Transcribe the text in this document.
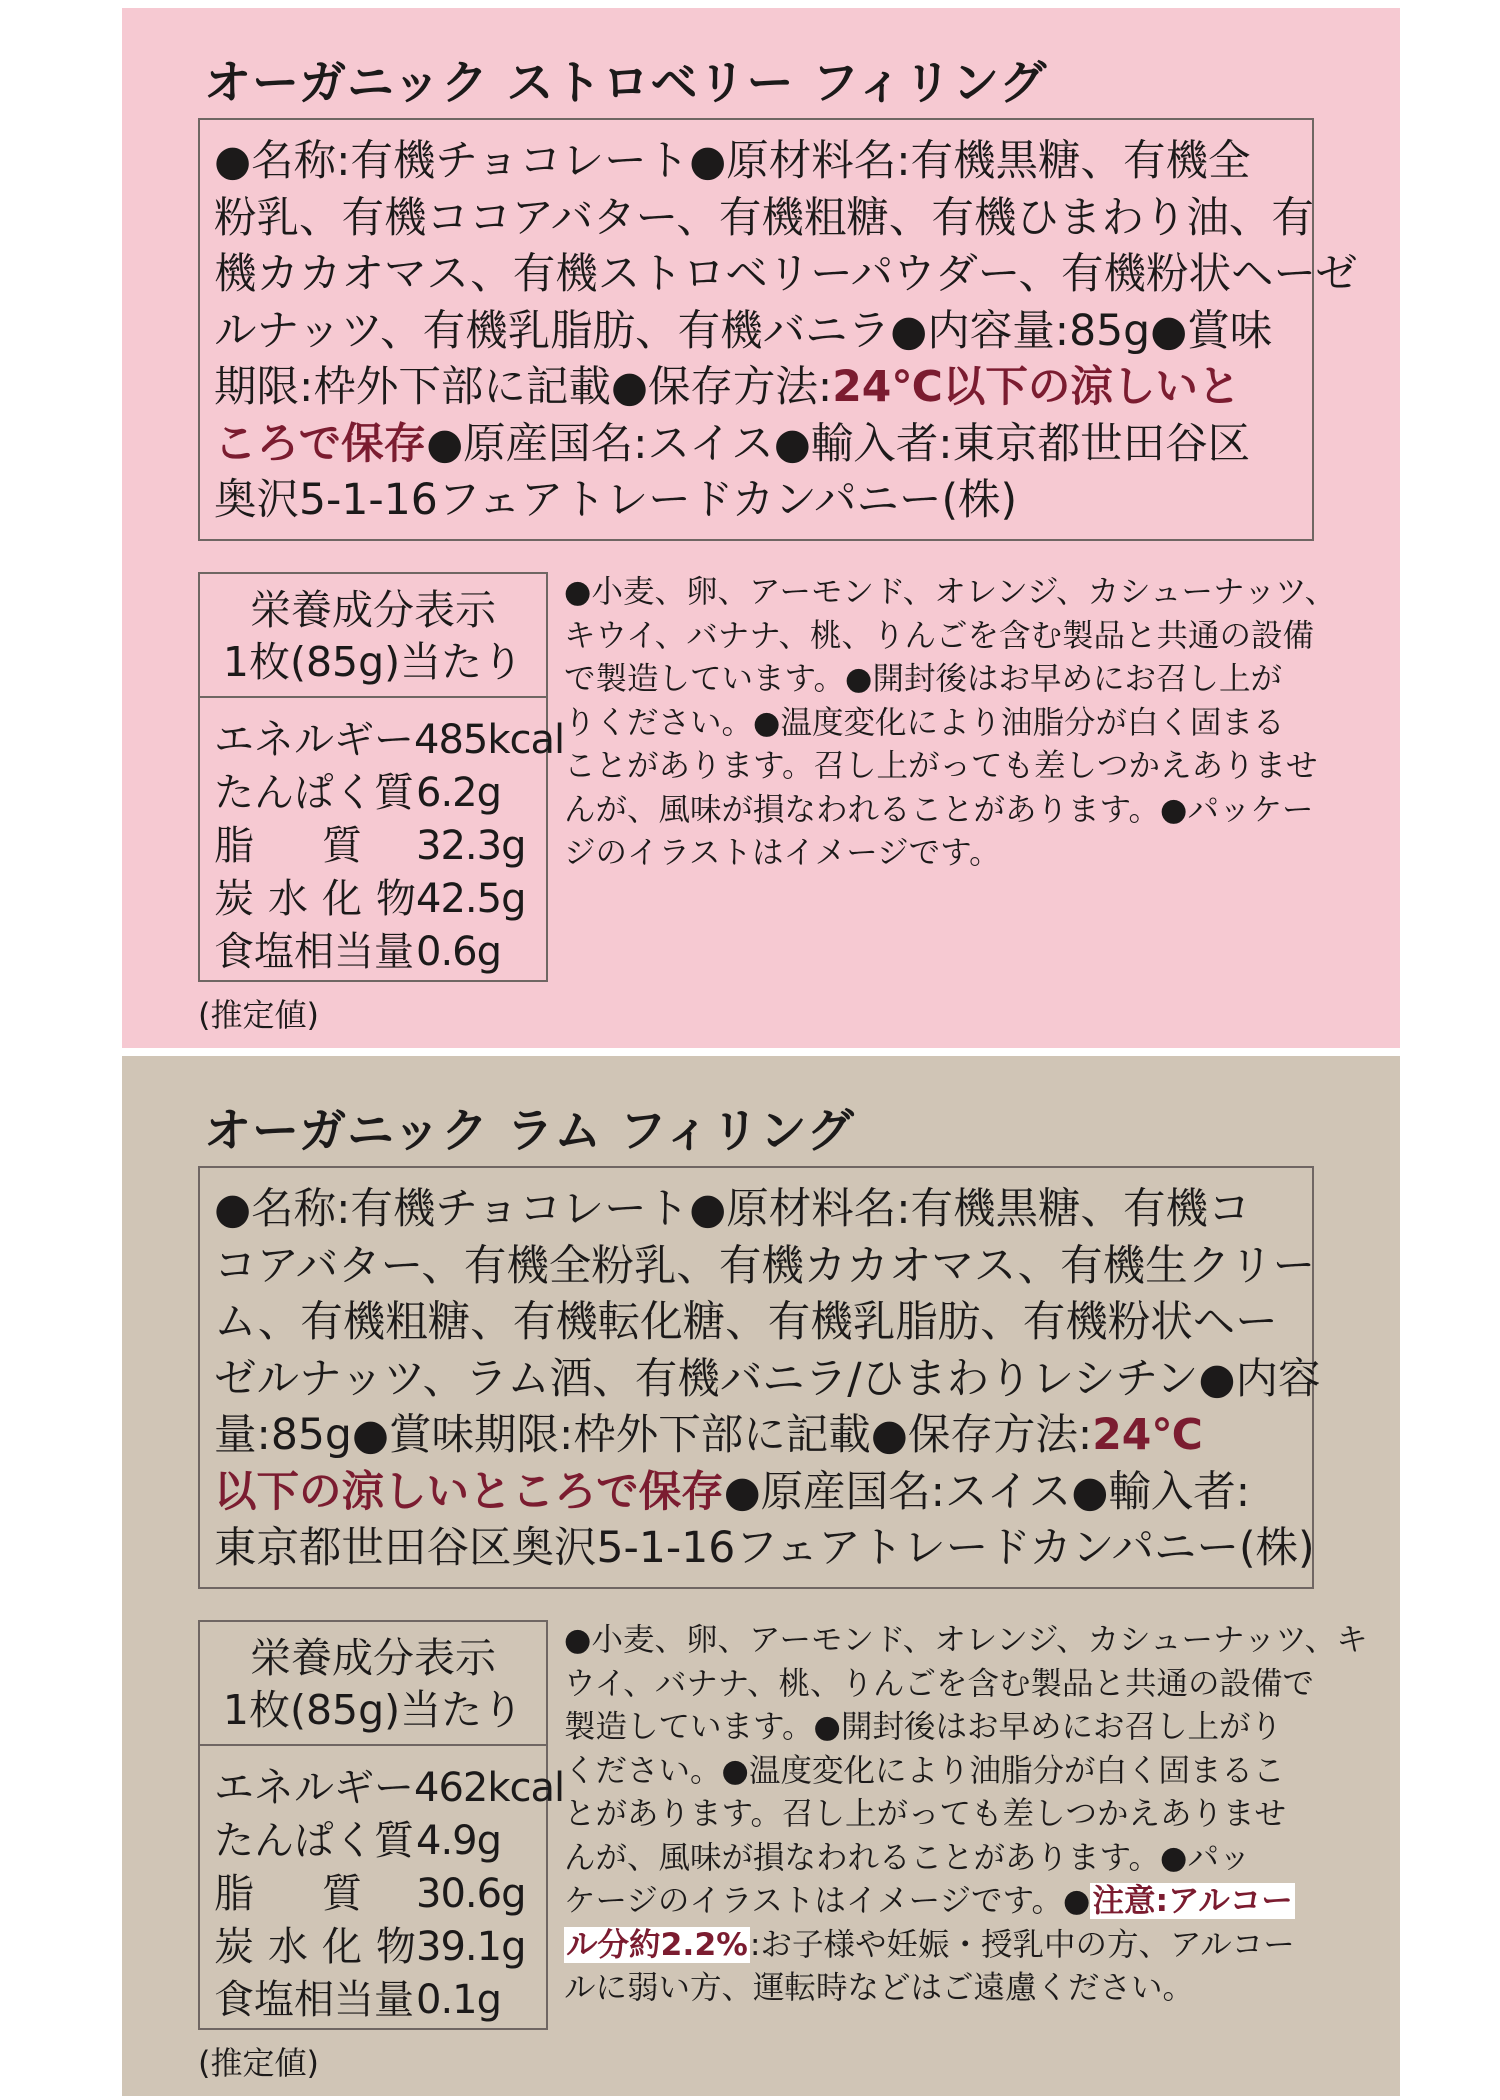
オーガニック ストロベリー フィリング
●名称:有機チョコレート●原材料名:有機黒糖、有機全
粉乳、有機ココアバター、有機粗糖、有機ひまわり油、有
機カカオマス、有機ストロベリーパウダー、有機粉状ヘーゼ
ルナッツ、有機乳脂肪、有機バニラ●内容量:85g●賞味
期限:枠外下部に記載●保存方法:24℃以下の涼しいと
ころで保存●原産国名:スイス●輸入者:東京都世田谷区
奥沢5-1-16フェアトレードカンパニー(株)
栄養成分表示
1枚(85g)当たり
エネルギー 485kcal
たんぱく質 6.2g
脂　質	32.3g
炭水化物
42.5g
食塩相当量 0.6g
(推定値)
●小麦、卵、アーモンド、オレンジ、カシューナッツ、
キウイ、バナナ、桃、りんごを含む製品と共通の設備
で製造しています。●開封後はお早めにお召し上が
りください。●温度変化により油脂分が白く固まる
ことがあります。召し上がっても差しつかえありませ
んが、風味が損なわれることがあります。●パッケー
ジのイラストはイメージです。
オーガニック ラム フィリング
●名称:有機チョコレート●原材料名:有機黒糖、有機コ
コアバター、有機全粉乳、有機カカオマス、有機生クリー
ム、有機粗糖、有機転化糖、有機乳脂肪、有機粉状ヘー
ゼルナッツ、ラム酒、有機バニラ/ひまわりレシチン●内容
量:85g●賞味期限:枠外下部に記載●保存方法:24℃
以下の涼しいところで保存●原産国名:スイス●輸入者:
東京都世田谷区奥沢5-1-16フェアトレードカンパニー(株)
栄養成分表示
1枚(85g)当たり
エネルギー 462kcal
たんぱく質 4.9g
脂　質	30.6g
炭水化物
39.1g
食塩相当量 0.1g
(推定値)
●小麦、卵、アーモンド、オレンジ、カシューナッツ、キ
ウイ、バナナ、桃、りんごを含む製品と共通の設備で
製造しています。●開封後はお早めにお召し上がり
ください。●温度変化により油脂分が白く固まるこ
とがあります。召し上がっても差しつかえありませ
んが、風味が損なわれることがあります。●パッ
ケージのイラストはイメージです。●注意:アルコー
ル分約2.2%:お子様や妊娠・授乳中の方、アルコー
ルに弱い方、運転時などはご遠慮ください。
